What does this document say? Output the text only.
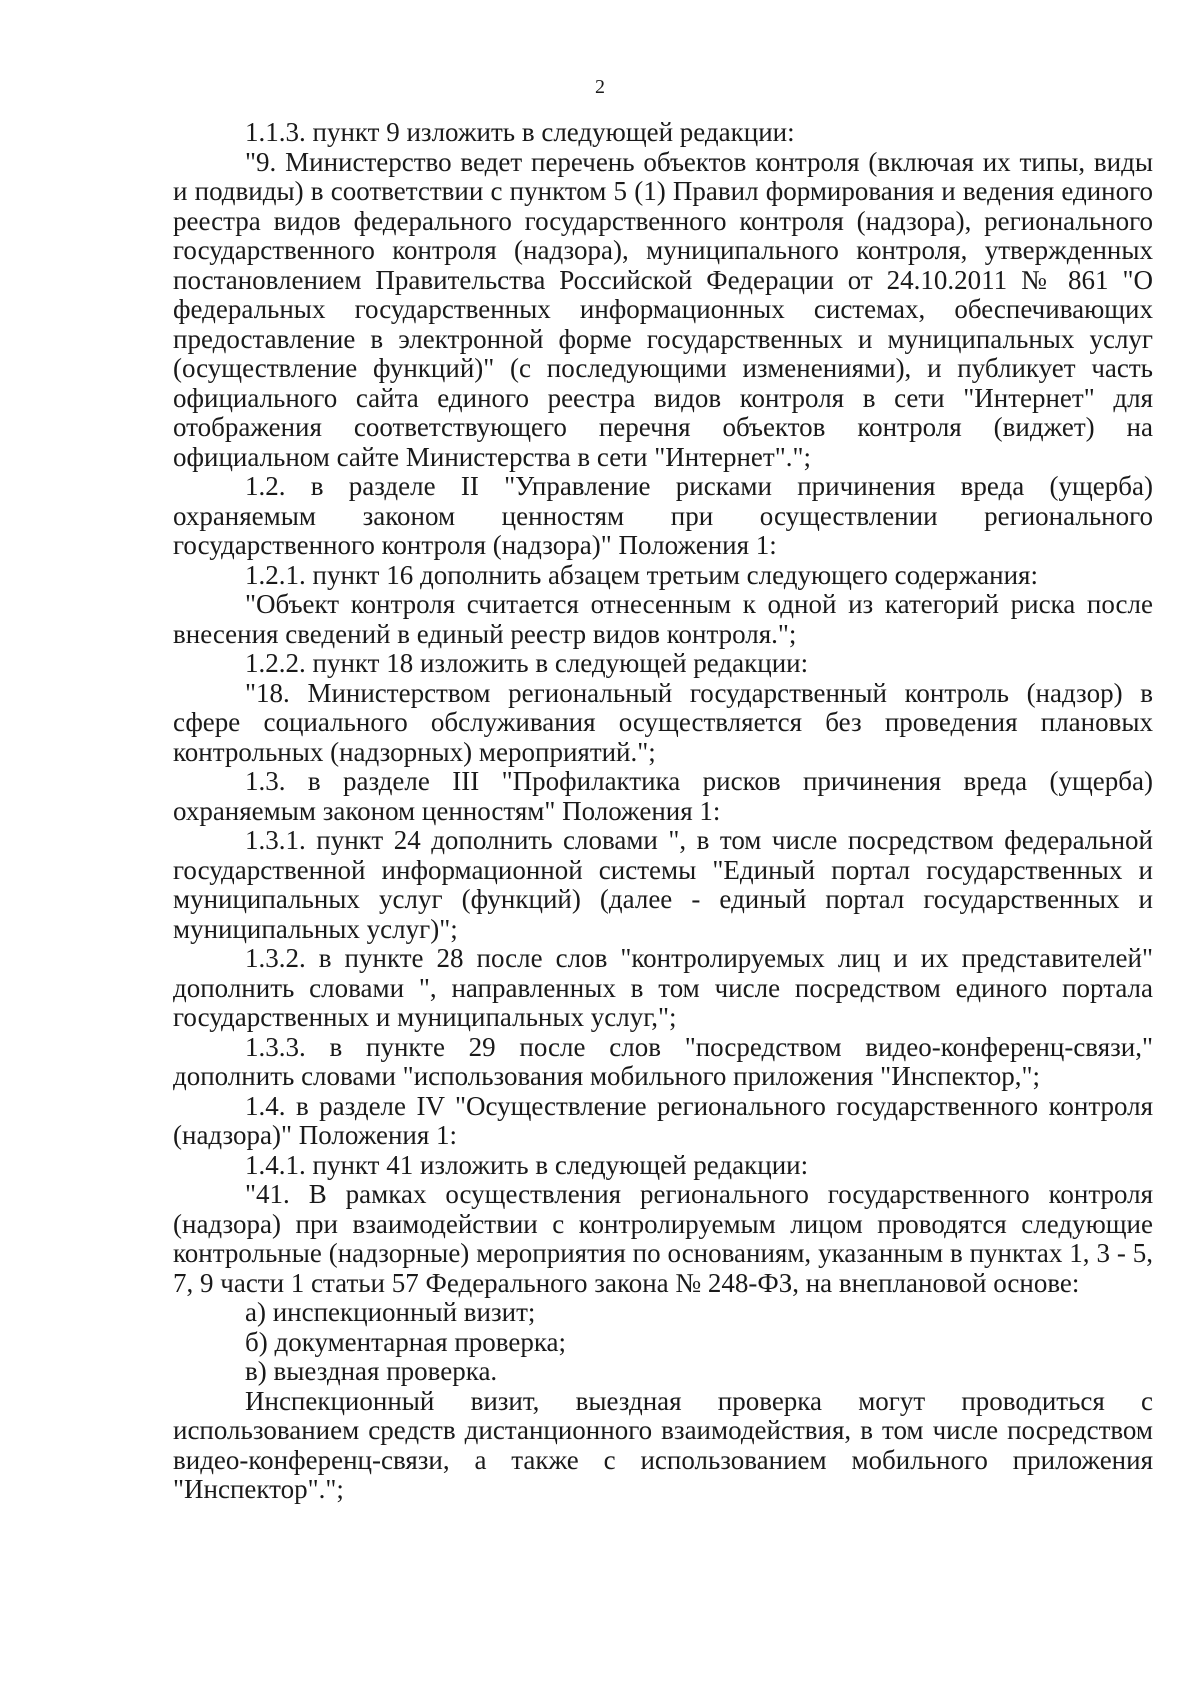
2

1.1.3. пункт 9 изложить в следующей редакции:

"9. Министерство ведет перечень объектов контроля (включая их типы, виды и подвиды) в соответствии с пунктом 5 (1) Правил формирования и ведения единого реестра видов федерального государственного контроля (надзора), регионального государственного контроля (надзора), муниципального контроля, утвержденных постановлением Правительства Российской Федерации от 24.10.2011 № 861 "О федеральных государственных информационных системах, обеспечивающих предоставление в электронной форме государственных и муниципальных услуг (осуществление функций)" (с последующими изменениями), и публикует часть официального сайта единого реестра видов контроля в сети "Интернет" для отображения соответствующего перечня объектов контроля (виджет) на официальном сайте Министерства в сети "Интернет".";

1.2. в разделе II "Управление рисками причинения вреда (ущерба) охраняемым законом ценностям при осуществлении регионального государственного контроля (надзора)" Положения 1:

1.2.1. пункт 16 дополнить абзацем третьим следующего содержания:

"Объект контроля считается отнесенным к одной из категорий риска после внесения сведений в единый реестр видов контроля.";

1.2.2. пункт 18 изложить в следующей редакции:

"18. Министерством региональный государственный контроль (надзор) в сфере социального обслуживания осуществляется без проведения плановых контрольных (надзорных) мероприятий.";

1.3. в разделе III "Профилактика рисков причинения вреда (ущерба) охраняемым законом ценностям" Положения 1:

1.3.1. пункт 24 дополнить словами ", в том числе посредством федеральной государственной информационной системы "Единый портал государственных и муниципальных услуг (функций) (далее - единый портал государственных и муниципальных услуг)";

1.3.2. в пункте 28 после слов "контролируемых лиц и их представителей" дополнить словами ", направленных в том числе посредством единого портала государственных и муниципальных услуг,";

1.3.3. в пункте 29 после слов "посредством видео-конференц-связи," дополнить словами "использования мобильного приложения "Инспектор,";

1.4. в разделе IV "Осуществление регионального государственного контроля (надзора)" Положения 1:

1.4.1. пункт 41 изложить в следующей редакции:

"41. В рамках осуществления регионального государственного контроля (надзора) при взаимодействии с контролируемым лицом проводятся следующие контрольные (надзорные) мероприятия по основаниям, указанным в пунктах 1, 3 - 5, 7, 9 части 1 статьи 57 Федерального закона № 248-ФЗ, на внеплановой основе:

а) инспекционный визит;

б) документарная проверка;

в) выездная проверка.

Инспекционный визит, выездная проверка могут проводиться с использованием средств дистанционного взаимодействия, в том числе посредством видео-конференц-связи, а также с использованием мобильного приложения "Инспектор".";
